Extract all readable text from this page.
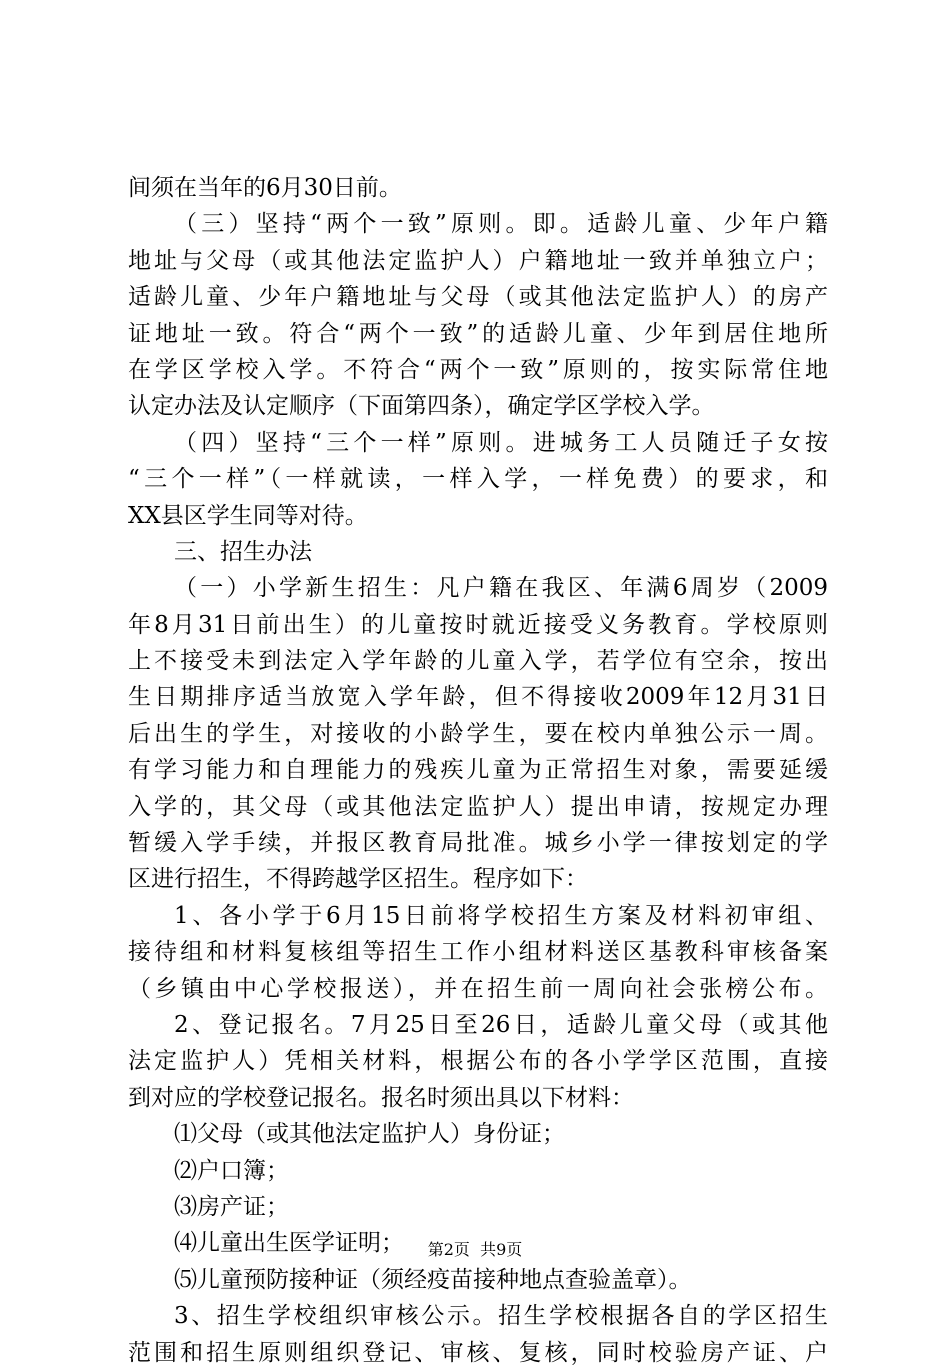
间须在当年的6月30日前。
（三）坚持“两个一致”原则。即。适龄儿童、少年户籍
地址与父母（或其他法定监护人）户籍地址一致并单独立户；
适龄儿童、少年户籍地址与父母（或其他法定监护人）的房产
证地址一致。符合“两个一致”的适龄儿童、少年到居住地所
在学区学校入学。不符合“两个一致”原则的，按实际常住地
认定办法及认定顺序（下面第四条），确定学区学校入学。
（四）坚持“三个一样”原则。进城务工人员随迁子女按
“三个一样”（一样就读，一样入学，一样免费）的要求，和
XX县区学生同等对待。
三、招生办法
（一）小学新生招生：凡户籍在我区、年满6周岁（2009
年8月31日前出生）的儿童按时就近接受义务教育。学校原则
上不接受未到法定入学年龄的儿童入学，若学位有空余，按出
生日期排序适当放宽入学年龄，但不得接收2009年12月31日
后出生的学生，对接收的小龄学生，要在校内单独公示一周。
有学习能力和自理能力的残疾儿童为正常招生对象，需要延缓
入学的，其父母（或其他法定监护人）提出申请，按规定办理
暂缓入学手续，并报区教育局批准。城乡小学一律按划定的学
区进行招生，不得跨越学区招生。程序如下：
1、各小学于6月15日前将学校招生方案及材料初审组、
接待组和材料复核组等招生工作小组材料送区基教科审核备案
（乡镇由中心学校报送），并在招生前一周向社会张榜公布。
2、登记报名。7月25日至26日，适龄儿童父母（或其他
法定监护人）凭相关材料，根据公布的各小学学区范围，直接
到对应的学校登记报名。报名时须出具以下材料：
⑴父母（或其他法定监护人）身份证；
⑵户口簿；
⑶房产证；
⑷儿童出生医学证明；
⑸儿童预防接种证（须经疫苗接种地点查验盖章）。
3、招生学校组织审核公示。招生学校根据各自的学区招生
范围和招生原则组织登记、审核、复核，同时校验房产证、户
第2页  共9页
